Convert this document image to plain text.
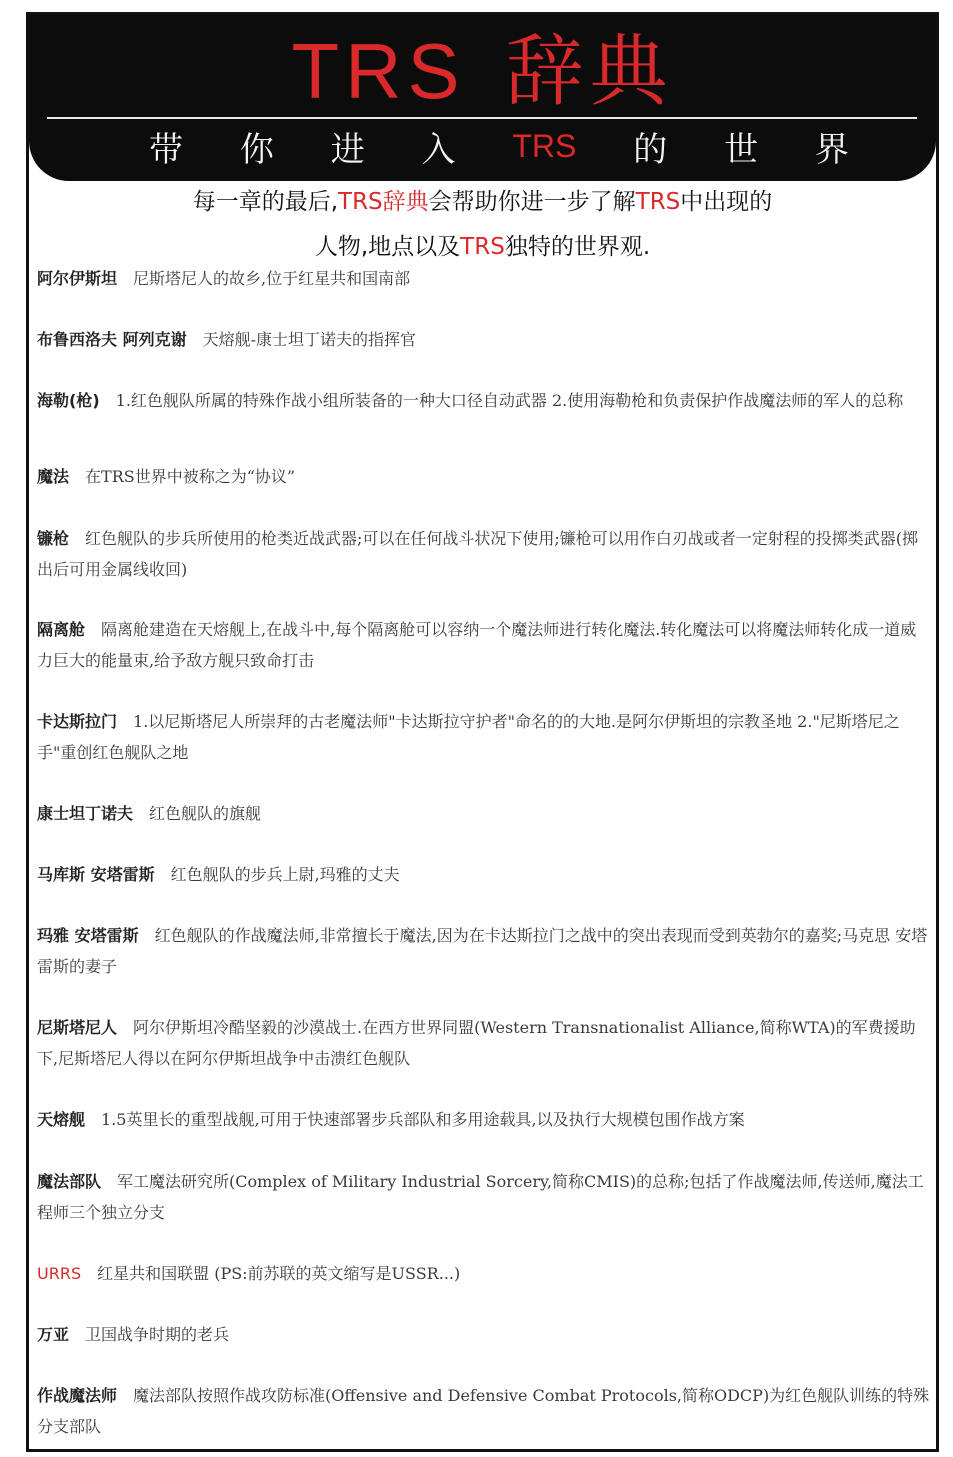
TRS 辞典
带 你 进 入 TRS 的 世 界
每一章的最后,TRS辞典会帮助你进一步了解TRS中出现的
人物,地点以及TRS独特的世界观.
阿尔伊斯坦 尼斯塔尼人的故乡,位于红星共和国南部
布鲁西洛夫 阿列克谢 天熔舰-康士坦丁诺夫的指挥官
海勒(枪) 1.红色舰队所属的特殊作战小组所装备的一种大口径自动武器 2.使用海勒枪和负责保护作战魔法师的军人的总称
魔法 在TRS世界中被称之为“协议”
镰枪 红色舰队的步兵所使用的枪类近战武器;可以在任何战斗状况下使用;镰枪可以用作白刃战或者一定射程的投掷类武器(掷出后可用金属线收回)
隔离舱 隔离舱建造在天熔舰上,在战斗中,每个隔离舱可以容纳一个魔法师进行转化魔法.转化魔法可以将魔法师转化成一道威力巨大的能量束,给予敌方舰只致命打击
卡达斯拉门 1.以尼斯塔尼人所崇拜的古老魔法师"卡达斯拉守护者"命名的的大地.是阿尔伊斯坦的宗教圣地 2."尼斯塔尼之手"重创红色舰队之地
康士坦丁诺夫 红色舰队的旗舰
马库斯 安塔雷斯 红色舰队的步兵上尉,玛雅的丈夫
玛雅 安塔雷斯 红色舰队的作战魔法师,非常擅长于魔法,因为在卡达斯拉门之战中的突出表现而受到英勃尔的嘉奖;马克思 安塔雷斯的妻子
尼斯塔尼人 阿尔伊斯坦冷酷坚毅的沙漠战士.在西方世界同盟(Western Transnationalist Alliance,简称WTA)的军费援助下,尼斯塔尼人得以在阿尔伊斯坦战争中击溃红色舰队
天熔舰 1.5英里长的重型战舰,可用于快速部署步兵部队和多用途载具,以及执行大规模包围作战方案
魔法部队 军工魔法研究所(Complex of Military Industrial Sorcery,简称CMIS)的总称;包括了作战魔法师,传送师,魔法工程师三个独立分支
URRS 红星共和国联盟 (PS:前苏联的英文缩写是USSR...)
万亚 卫国战争时期的老兵
作战魔法师 魔法部队按照作战攻防标准(Offensive and Defensive Combat Protocols,简称ODCP)为红色舰队训练的特殊分支部队
